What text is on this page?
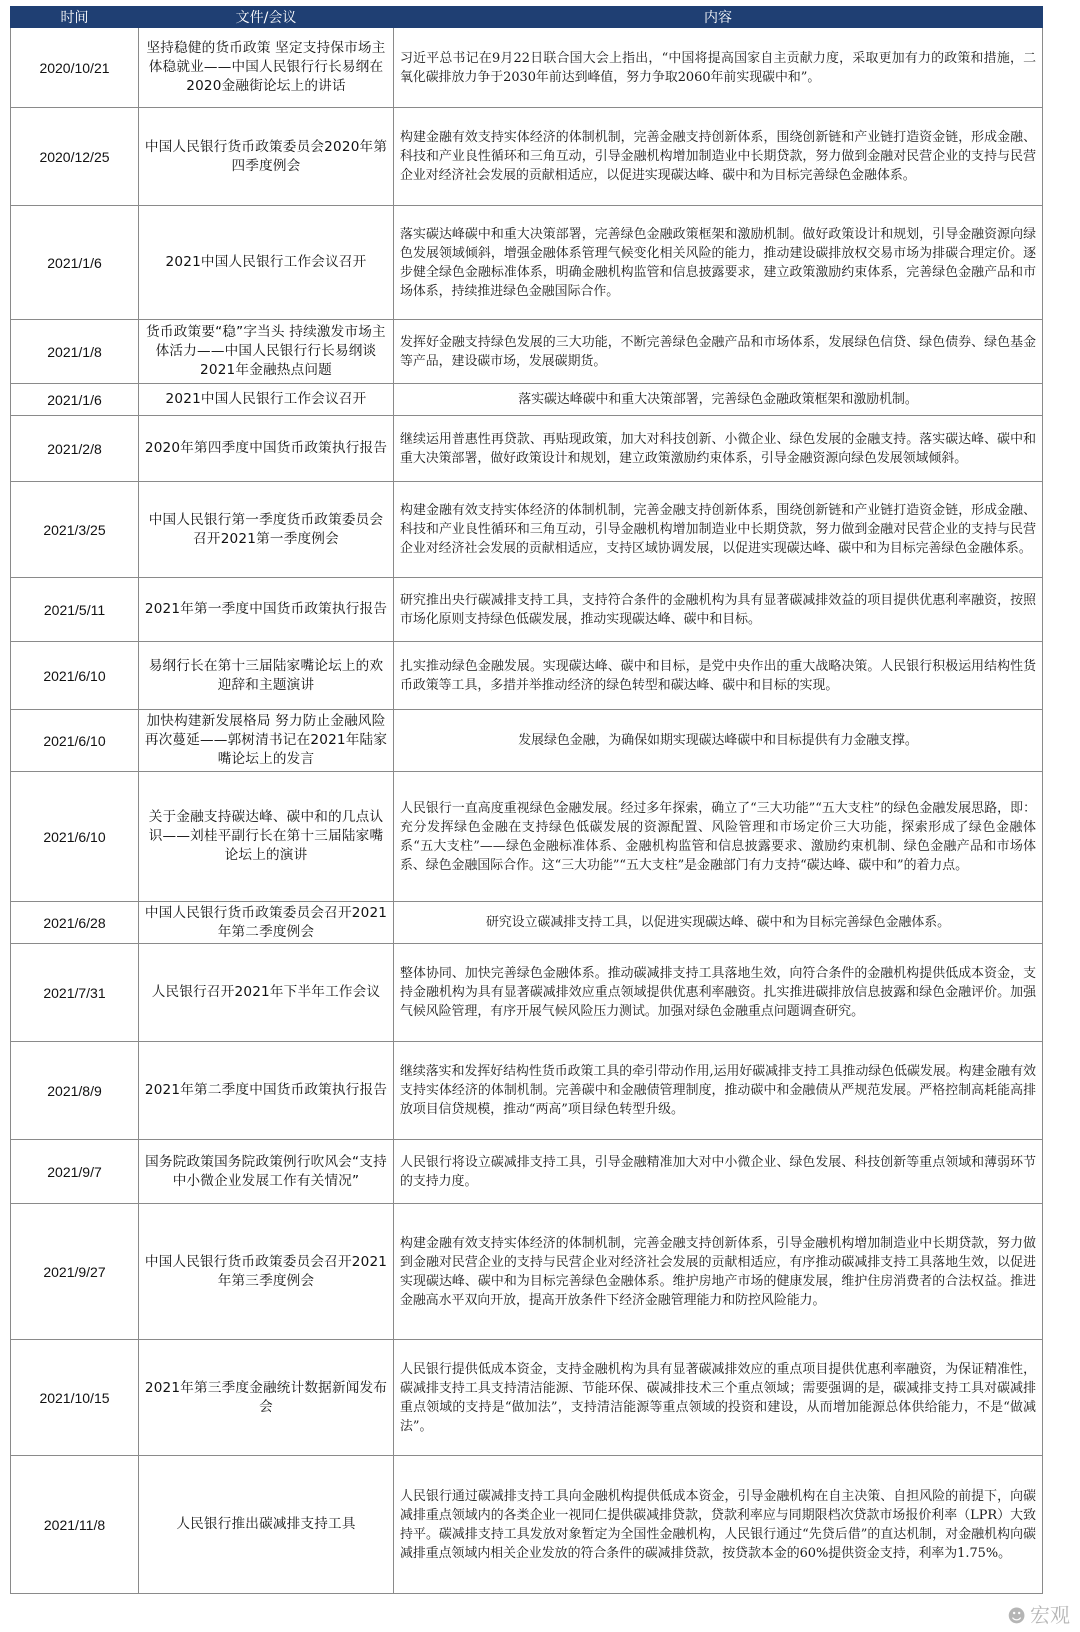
时间	文件/会议	内容
2020/10/21	坚持稳健的货币政策 坚定支持保市场主体稳就业——中国人民银行行长易纲在2020金融街论坛上的讲话	习近平总书记在9月22日联合国大会上指出，“中国将提高国家自主贡献力度，采取更加有力的政策和措施，二氧化碳排放力争于2030年前达到峰值，努力争取2060年前实现碳中和”。
2020/12/25	中国人民银行货币政策委员会2020年第四季度例会	构建金融有效支持实体经济的体制机制，完善金融支持创新体系，围绕创新链和产业链打造资金链，形成金融、科技和产业良性循环和三角互动，引导金融机构增加制造业中长期贷款，努力做到金融对民营企业的支持与民营企业对经济社会发展的贡献相适应，以促进实现碳达峰、碳中和为目标完善绿色金融体系。
2021/1/6	2021中国人民银行工作会议召开	落实碳达峰碳中和重大决策部署，完善绿色金融政策框架和激励机制。做好政策设计和规划，引导金融资源向绿色发展领域倾斜，增强金融体系管理气候变化相关风险的能力，推动建设碳排放权交易市场为排碳合理定价。逐步健全绿色金融标准体系，明确金融机构监管和信息披露要求，建立政策激励约束体系，完善绿色金融产品和市场体系，持续推进绿色金融国际合作。
2021/1/8	货币政策要“稳”字当头 持续激发市场主体活力——中国人民银行行长易纲谈2021年金融热点问题	发挥好金融支持绿色发展的三大功能，不断完善绿色金融产品和市场体系，发展绿色信贷、绿色债券、绿色基金等产品，建设碳市场，发展碳期货。
2021/1/6	2021中国人民银行工作会议召开	落实碳达峰碳中和重大决策部署，完善绿色金融政策框架和激励机制。
2021/2/8	2020年第四季度中国货币政策执行报告	继续运用普惠性再贷款、再贴现政策，加大对科技创新、小微企业、绿色发展的金融支持。落实碳达峰、碳中和重大决策部署，做好政策设计和规划，建立政策激励约束体系，引导金融资源向绿色发展领域倾斜。
2021/3/25	中国人民银行第一季度货币政策委员会召开2021第一季度例会	构建金融有效支持实体经济的体制机制，完善金融支持创新体系，围绕创新链和产业链打造资金链，形成金融、科技和产业良性循环和三角互动，引导金融机构增加制造业中长期贷款，努力做到金融对民营企业的支持与民营企业对经济社会发展的贡献相适应，支持区域协调发展，以促进实现碳达峰、碳中和为目标完善绿色金融体系。
2021/5/11	2021年第一季度中国货币政策执行报告	研究推出央行碳减排支持工具，支持符合条件的金融机构为具有显著碳减排效益的项目提供优惠利率融资，按照市场化原则支持绿色低碳发展，推动实现碳达峰、碳中和目标。
2021/6/10	易纲行长在第十三届陆家嘴论坛上的欢迎辞和主题演讲	扎实推动绿色金融发展。实现碳达峰、碳中和目标，是党中央作出的重大战略决策。人民银行积极运用结构性货币政策等工具，多措并举推动经济的绿色转型和碳达峰、碳中和目标的实现。
2021/6/10	加快构建新发展格局 努力防止金融风险再次蔓延——郭树清书记在2021年陆家嘴论坛上的发言	发展绿色金融，为确保如期实现碳达峰碳中和目标提供有力金融支撑。
2021/6/10	关于金融支持碳达峰、碳中和的几点认识——刘桂平副行长在第十三届陆家嘴论坛上的演讲	人民银行一直高度重视绿色金融发展。经过多年探索，确立了“三大功能”“五大支柱”的绿色金融发展思路，即：充分发挥绿色金融在支持绿色低碳发展的资源配置、风险管理和市场定价三大功能，探索形成了绿色金融体系“五大支柱”——绿色金融标准体系、金融机构监管和信息披露要求、激励约束机制、绿色金融产品和市场体系、绿色金融国际合作。这“三大功能”“五大支柱”是金融部门有力支持“碳达峰、碳中和”的着力点。
2021/6/28	中国人民银行货币政策委员会召开2021年第二季度例会	研究设立碳减排支持工具，以促进实现碳达峰、碳中和为目标完善绿色金融体系。
2021/7/31	人民银行召开2021年下半年工作会议	整体协同、加快完善绿色金融体系。推动碳减排支持工具落地生效，向符合条件的金融机构提供低成本资金，支持金融机构为具有显著碳减排效应重点领域提供优惠利率融资。扎实推进碳排放信息披露和绿色金融评价。加强气候风险管理，有序开展气候风险压力测试。加强对绿色金融重点问题调查研究。
2021/8/9	2021年第二季度中国货币政策执行报告	继续落实和发挥好结构性货币政策工具的牵引带动作用,运用好碳减排支持工具推动绿色低碳发展。构建金融有效支持实体经济的体制机制。完善碳中和金融债管理制度，推动碳中和金融债从严规范发展。严格控制高耗能高排放项目信贷规模，推动“两高”项目绿色转型升级。
2021/9/7	国务院政策国务院政策例行吹风会“支持中小微企业发展工作有关情况”	人民银行将设立碳减排支持工具，引导金融精准加大对中小微企业、绿色发展、科技创新等重点领域和薄弱环节的支持力度。
2021/9/27	中国人民银行货币政策委员会召开2021年第三季度例会	构建金融有效支持实体经济的体制机制，完善金融支持创新体系，引导金融机构增加制造业中长期贷款，努力做到金融对民营企业的支持与民营企业对经济社会发展的贡献相适应，有序推动碳减排支持工具落地生效，以促进实现碳达峰、碳中和为目标完善绿色金融体系。维护房地产市场的健康发展，维护住房消费者的合法权益。推进金融高水平双向开放，提高开放条件下经济金融管理能力和防控风险能力。
2021/10/15	2021年第三季度金融统计数据新闻发布会	人民银行提供低成本资金，支持金融机构为具有显著碳减排效应的重点项目提供优惠利率融资，为保证精准性，碳减排支持工具支持清洁能源、节能环保、碳减排技术三个重点领域；需要强调的是，碳减排支持工具对碳减排重点领域的支持是“做加法”，支持清洁能源等重点领域的投资和建设，从而增加能源总体供给能力，不是“做减法”。
2021/11/8	人民银行推出碳减排支持工具	人民银行通过碳减排支持工具向金融机构提供低成本资金，引导金融机构在自主决策、自担风险的前提下，向碳减排重点领域内的各类企业一视同仁提供碳减排贷款，贷款利率应与同期限档次贷款市场报价利率（LPR）大致持平。碳减排支持工具发放对象暂定为全国性金融机构，人民银行通过“先贷后借”的直达机制，对金融机构向碳减排重点领域内相关企业发放的符合条件的碳减排贷款，按贷款本金的60%提供资金支持，利率为1.75%。
☻ 宏观
